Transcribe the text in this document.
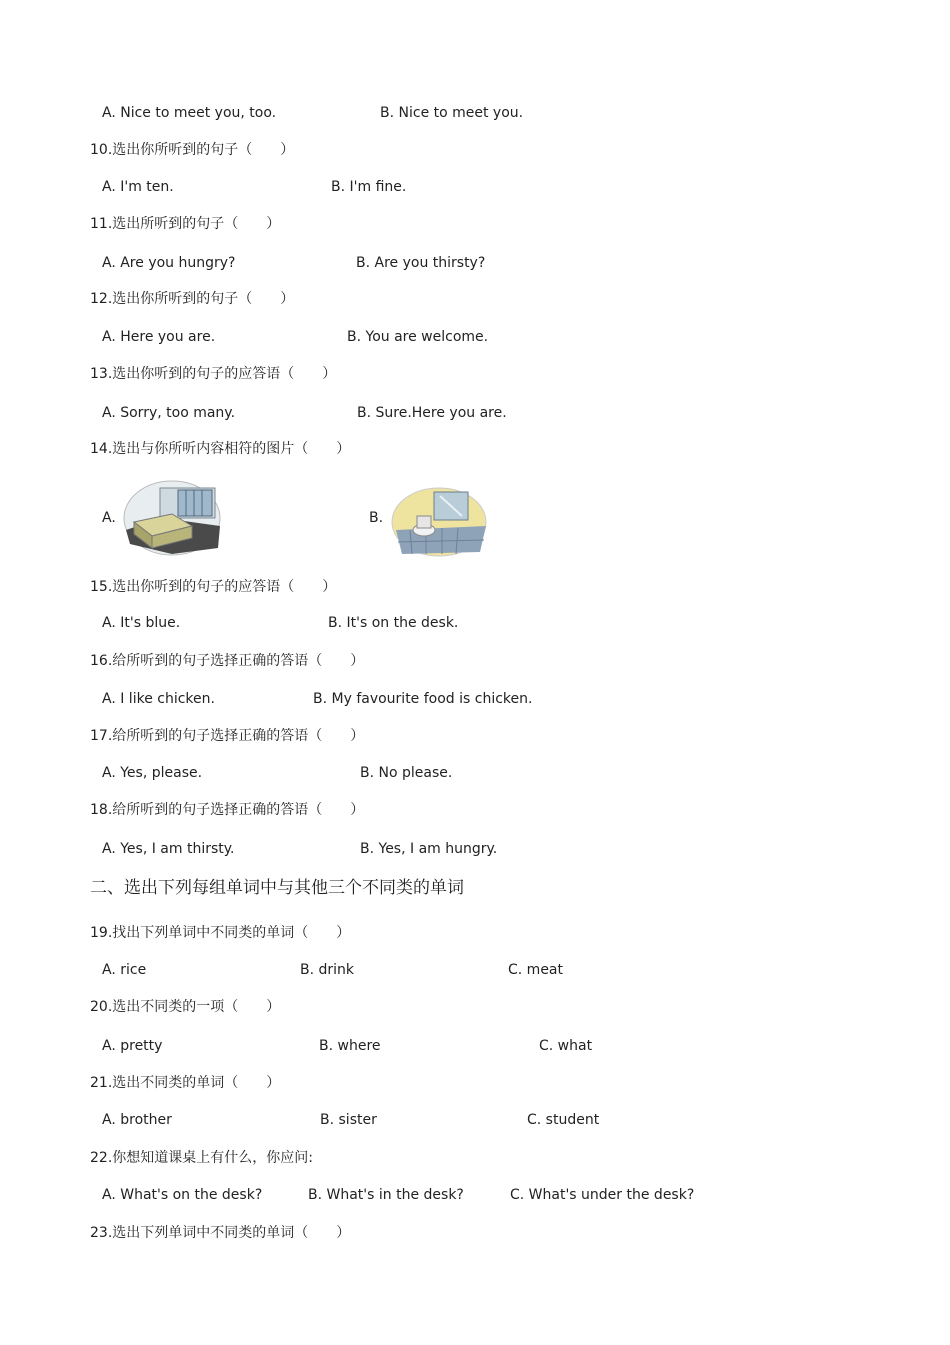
A. Nice to meet you, too.	B. Nice to meet you.
10.选出你所听到的句子（　　）
A. I'm ten.	B. I'm fine.
11.选出所听到的句子（　　）
A. Are you hungry?	B. Are you thirsty?
12.选出你所听到的句子（　　）
A. Here you are.	B. You are welcome.
13.选出你听到的句子的应答语（　　）
A. Sorry, too many.	B. Sure.Here you are.
14.选出与你所听内容相符的图片（　　）
A.	B.
15.选出你听到的句子的应答语（　　）
A. It's blue.	B. It's on the desk.
16.给所听到的句子选择正确的答语（　　）
A. I like chicken.	B. My favourite food is chicken.
17.给所听到的句子选择正确的答语（　　）
A. Yes, please.	B. No please.
18.给所听到的句子选择正确的答语（　　）
A. Yes, I am thirsty.	B. Yes, I am hungry.
二、选出下列每组单词中与其他三个不同类的单词
19.找出下列单词中不同类的单词（　　）
A. rice	B. drink	C. meat
20.选出不同类的一项（　　）
A. pretty	B. where	C. what
21.选出不同类的单词（　　）
A. brother	B. sister	C. student
22.你想知道课桌上有什么，你应问:
A. What's on the desk?	B. What's in the desk?	C. What's under the desk?
23.选出下列单词中不同类的单词（　　）
